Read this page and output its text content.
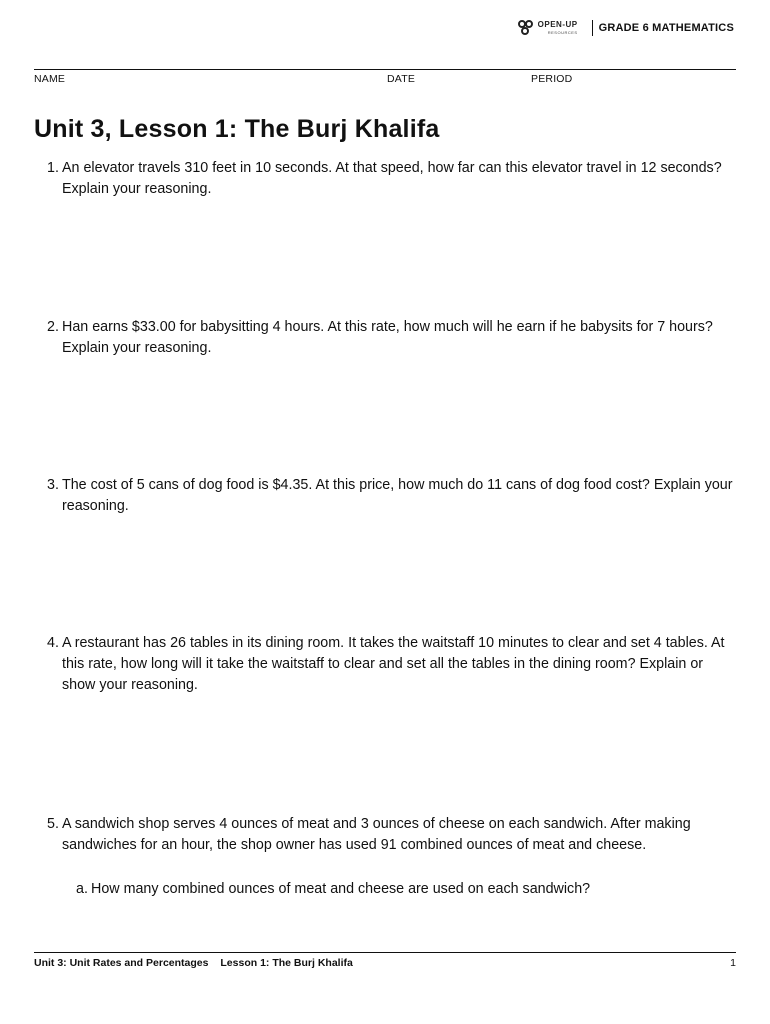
OPEN-UP
RESOURCES	GRADE 6 MATHEMATICS
NAME	DATE	PERIOD
Unit 3, Lesson 1: The Burj Khalifa
1. An elevator travels 310 feet in 10 seconds. At that speed, how far can this elevator travel in 12 seconds? Explain your reasoning.
2. Han earns $33.00 for babysitting 4 hours. At this rate, how much will he earn if he babysits for 7 hours? Explain your reasoning.
3. The cost of 5 cans of dog food is $4.35. At this price, how much do 11 cans of dog food cost? Explain your reasoning.
4. A restaurant has 26 tables in its dining room. It takes the waitstaff 10 minutes to clear and set 4 tables. At this rate, how long will it take the waitstaff to clear and set all the tables in the dining room? Explain or show your reasoning.
5. A sandwich shop serves 4 ounces of meat and 3 ounces of cheese on each sandwich. After making sandwiches for an hour, the shop owner has used 91 combined ounces of meat and cheese.
a. How many combined ounces of meat and cheese are used on each sandwich?
Unit 3: Unit Rates and Percentages Lesson 1: The Burj Khalifa	1
